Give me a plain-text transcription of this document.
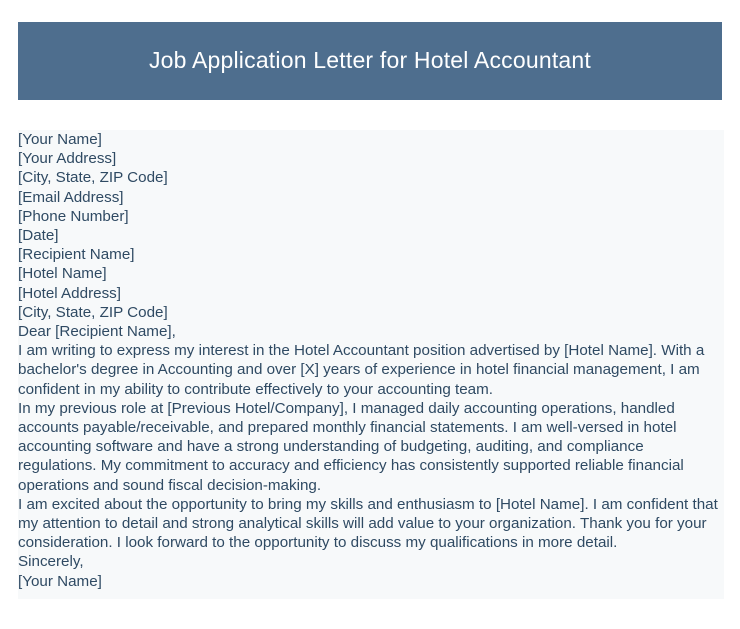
Job Application Letter for Hotel Accountant
[Your Name]
[Your Address]
[City, State, ZIP Code]
[Email Address]
[Phone Number]
[Date]
[Recipient Name]
[Hotel Name]
[Hotel Address]
[City, State, ZIP Code]
Dear [Recipient Name],

I am writing to express my interest in the Hotel Accountant position advertised by [Hotel Name]. With a bachelor's degree in Accounting and over [X] years of experience in hotel financial management, I am confident in my ability to contribute effectively to your accounting team.

In my previous role at [Previous Hotel/Company], I managed daily accounting operations, handled accounts payable/receivable, and prepared monthly financial statements. I am well-versed in hotel accounting software and have a strong understanding of budgeting, auditing, and compliance regulations. My commitment to accuracy and efficiency has consistently supported reliable financial operations and sound fiscal decision-making.

I am excited about the opportunity to bring my skills and enthusiasm to [Hotel Name]. I am confident that my attention to detail and strong analytical skills will add value to your organization. Thank you for your consideration. I look forward to the opportunity to discuss my qualifications in more detail.

Sincerely,
[Your Name]
